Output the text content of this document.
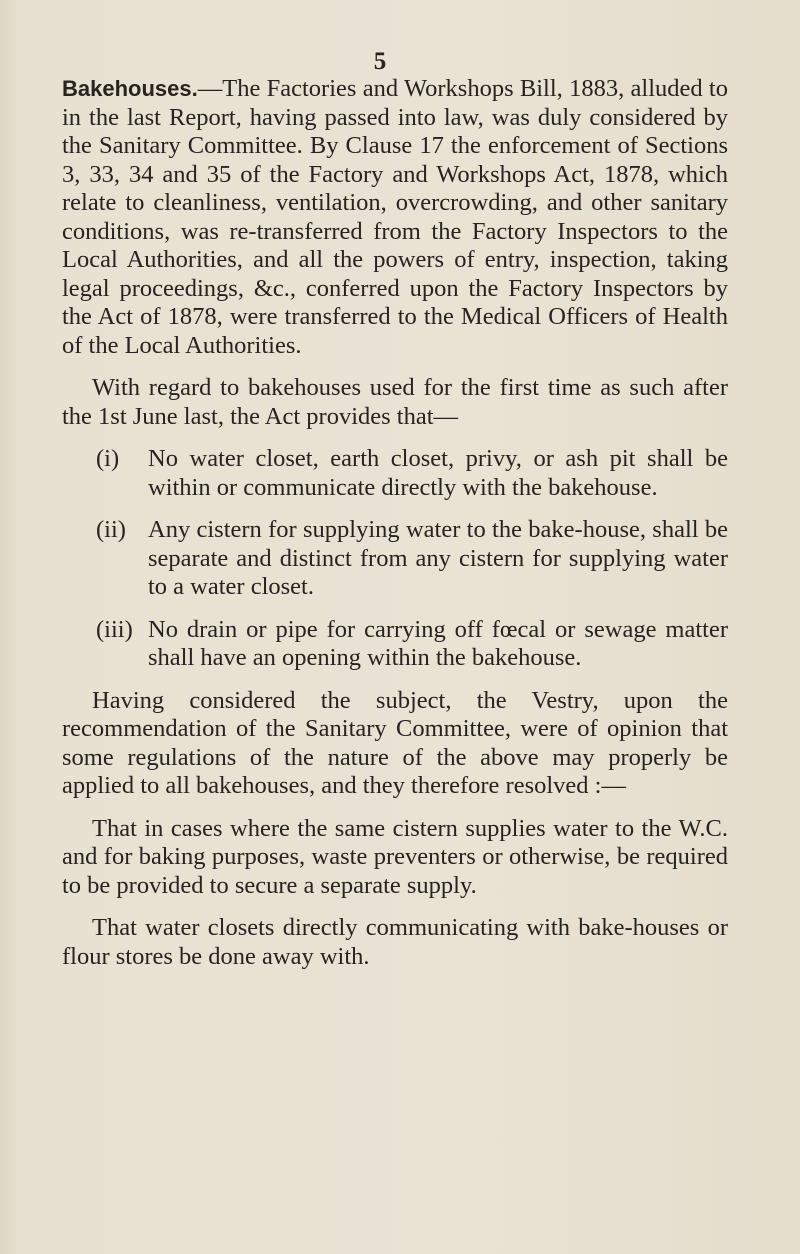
5

Bakehouses.—The Factories and Workshops Bill, 1883, alluded to in the last Report, having passed into law, was duly considered by the Sanitary Committee. By Clause 17 the enforcement of Sections 3, 33, 34 and 35 of the Factory and Workshops Act, 1878, which relate to cleanliness, ventilation, overcrowding, and other sanitary conditions, was re-transferred from the Factory Inspectors to the Local Authorities, and all the powers of entry, inspection, taking legal proceedings, &c., conferred upon the Factory Inspectors by the Act of 1878, were transferred to the Medical Officers of Health of the Local Authorities.

With regard to bakehouses used for the first time as such after the 1st June last, the Act provides that—

(i) No water closet, earth closet, privy, or ash pit shall be within or communicate directly with the bakehouse.
(ii) Any cistern for supplying water to the bake-house, shall be separate and distinct from any cistern for supplying water to a water closet.
(iii) No drain or pipe for carrying off fœcal or sewage matter shall have an opening within the bakehouse.

Having considered the subject, the Vestry, upon the recommendation of the Sanitary Committee, were of opinion that some regulations of the nature of the above may properly be applied to all bakehouses, and they therefore resolved :—

That in cases where the same cistern supplies water to the W.C. and for baking purposes, waste preventers or otherwise, be required to be provided to secure a separate supply.

That water closets directly communicating with bake-houses or flour stores be done away with.
